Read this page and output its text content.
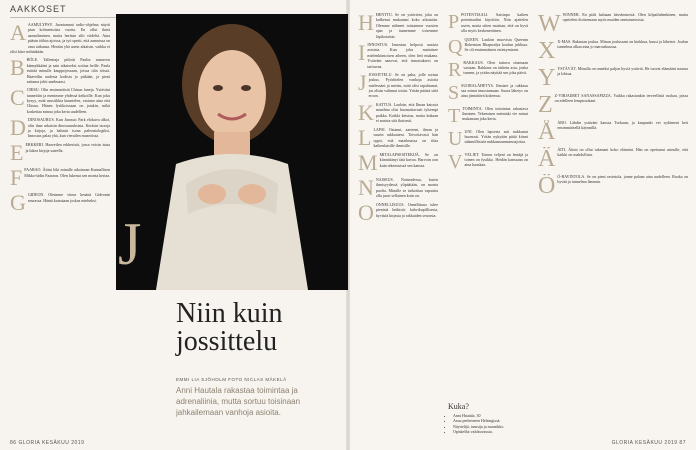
AAKKOSET
A AAMULYPSY. Juontamani radio-ohjelma näytti pian kolmentoista vuotta. En ollut ikinä aamuihminen, mutta heräsin silti viideltä. Aina pääsin töihin ajoissa, ja työ opetti, että aamuissa on oma taikansa. Herään yhä usein aikaisin, vaikka ei olisi kiire mihinkään.

B BÖLE. Tallentaja piilotti Paulin numeron kännykkääni ja sain aikaiseksi soittaa heille. Paula esittää minulle kauppojessaan, joissa olin töissä. Haaveilin uudesta kodista jo pitkään, ja pieni sattuma johti unelmaasi.

C CHISU. Olin ensimmäisiä Chisun faneja. Ystäväni tunnettiin ja menimme yhdessä keikoille. Kun joku kysyy, mitä musiikkia kuuntelen, vastaan aina että Chisua. Hänen lyriikoissaan on jotakin, mikä koskettaa minua joka kerta uudelleen.

D DINOSAURUS. Kun Jurassic Park elokuva alkoi, olin ihan sekaisin dinosauruksista. Keräsin tarroja ja kirjoja, ja halusin isona paleontologiksi. Innostus palaa yhä, kun vierailen museoissa.

E ERKKERI. Haaveilen erkkeristä, jossa voisin istua ja lukea kirjoja sateella.

F FAARAO. Äitini löki minulle aikoinaan Kunnallisen Mikko-tädin Faaraon. Olen lukenut sen monta kertaa.

G GIDEON. Oleimme viime kesänä Gideonin seurassa. Häntä kutsutaan joskus mieheksi.

J
Niin kuin
jossittelu
EMMI LIA SJÖHOLM FOTO NICLAS MÄKELÄ
Anni Hautala rakastaa toimintaa ja adrenaliinia, mutta sortuu toisinaan jahkailemaan vanhoja asioita.
H HENTTU. Se on ystävieni, joka on kulkenut mukanani koko aikuisiän. Olemme nähneet toisiamme vuosien ajan ja tunnemme toisemme läpikotaisin.

I INNOSTUS. Innostun helposti uusista asioista. Kun joku mainitsee mielenkiintoisen aiheen, olen heti mukana. Ystäväni sanovat, että innostuksesi on tarttuvaa.

J JOSSITTELU. Se on paha, jolle sortuu joskus. Pyörittelen vanhoja asioita mielessäni ja mietin, mitä olisi tapahtunut, jos olisin valinnut toisin. Yritän päästä siitä eroon.

K KATTUS. Lauloin, että Ilman katosta maailma olisi huomattavasti tylsempi paikka. Kaikki ketutus, mutta kukaan ei muista sitä ikuisesti.

L LAPSI. Ostanut, aarteeni, ilman ja suurin rakkauteni. Toivottavasti hän oppii, että maailmassa on tilaa kaikenlaisille ihmisille.

M MITALAPSESITEKIJÄ. Se on kiinnittänyt tätä kuvaa. Harvoin oon kuin tekemisissä sen kanssa.

N NAISEUS. Naiseudessa, kuten ihmisyydessä ylipäätään, on monta puolta. Minulle se tarkoittaa vapautta olla juuri sellainen kuin on.

O ONNELLISUUS. Onnellisuus tulee pienistä hetkistä: kahvikupillisesta, hyvästä kirjasta ja rakkaiden seurasta.

P POTENTIAALI. Saisinpa kaiken potentiaalini käyttöön. Niin ajattelen usein, mutta sitten muistan, että on hyvä olla myös keskeneräinen.

Q QUEEN. Lauloin muovista Queenin Bohemian Rhapsodya koulun juhlissa. Se oli ensimmäinen esiintymiseni.

R RAKKAUS. Olen taitava ottamaan vastaan. Rakkaus on tärkein asia, jonka tunnen, ja yritän näyttää sen joka päivä.

S SUORALÄHETYS. Ihmiset ja rakkaus saa minut innostumaan. Suora lähetys on aina jännittävä kokemus.

T TOIMINTA. Olen toimintaa rakastava ihminen. Tekemisen meininki vie minut mukanaan joka kerta.

U UNI. Olen lapsesta asti nukkunut huonosti. Yritän nykyään pitää kiinni säännöllisistä nukkumaanmenoajoista.

V VELJET. Toinen veljeni on lentäjä ja toinen on fysikko. Heidän kanssaan on aina hauskaa.

W WINNER. En pidä haluaan häviämisestä. Olen kilpailuhenkinen, mutta opettelen iloitsemaan myös muiden onnistumisista.

X X-MAS. Rakastan joulua. Minun joulussani on kinkkua, kuusi ja läheiset. Joulun tunnelma alkaa aina jo marraskuussa.

Y YSTÄVÄT. Minulla on onneksi paljon hyviä ystäviä. He tuovat elämääni naurua ja lohtua.

Z Z-VIRJAIMET SANASSAPIZZA. Vaikka rakastankin terveellistä ruokaa, pizza on edelleen lempiruokani.

Å ÅBO. Lähdin ystäväni kanssa Turkuun, ja kaupunki vei sydämeni heti ensimmäisellä käynnillä.

Ä ÄITI. Äitini on ollut tukenani koko elämäni. Hän on opettanut minulle, että kaikki on mahdollista.

Ö Ö-RAVINTOLA. Se on pieni ravintola, jonne palaan aina uudelleen. Ruoka on hyvää ja tunnelma lämmin.

Kuka?
• Anni Hautala, 30
• Asuu perheineen Helsingissä.
• Näyttelijä, tanssija ja muusikko.
• Opiskellut valokuvausta.
86 GLORIA KESÄKUU 2019	GLORIA KESÄKUU 2019 87
